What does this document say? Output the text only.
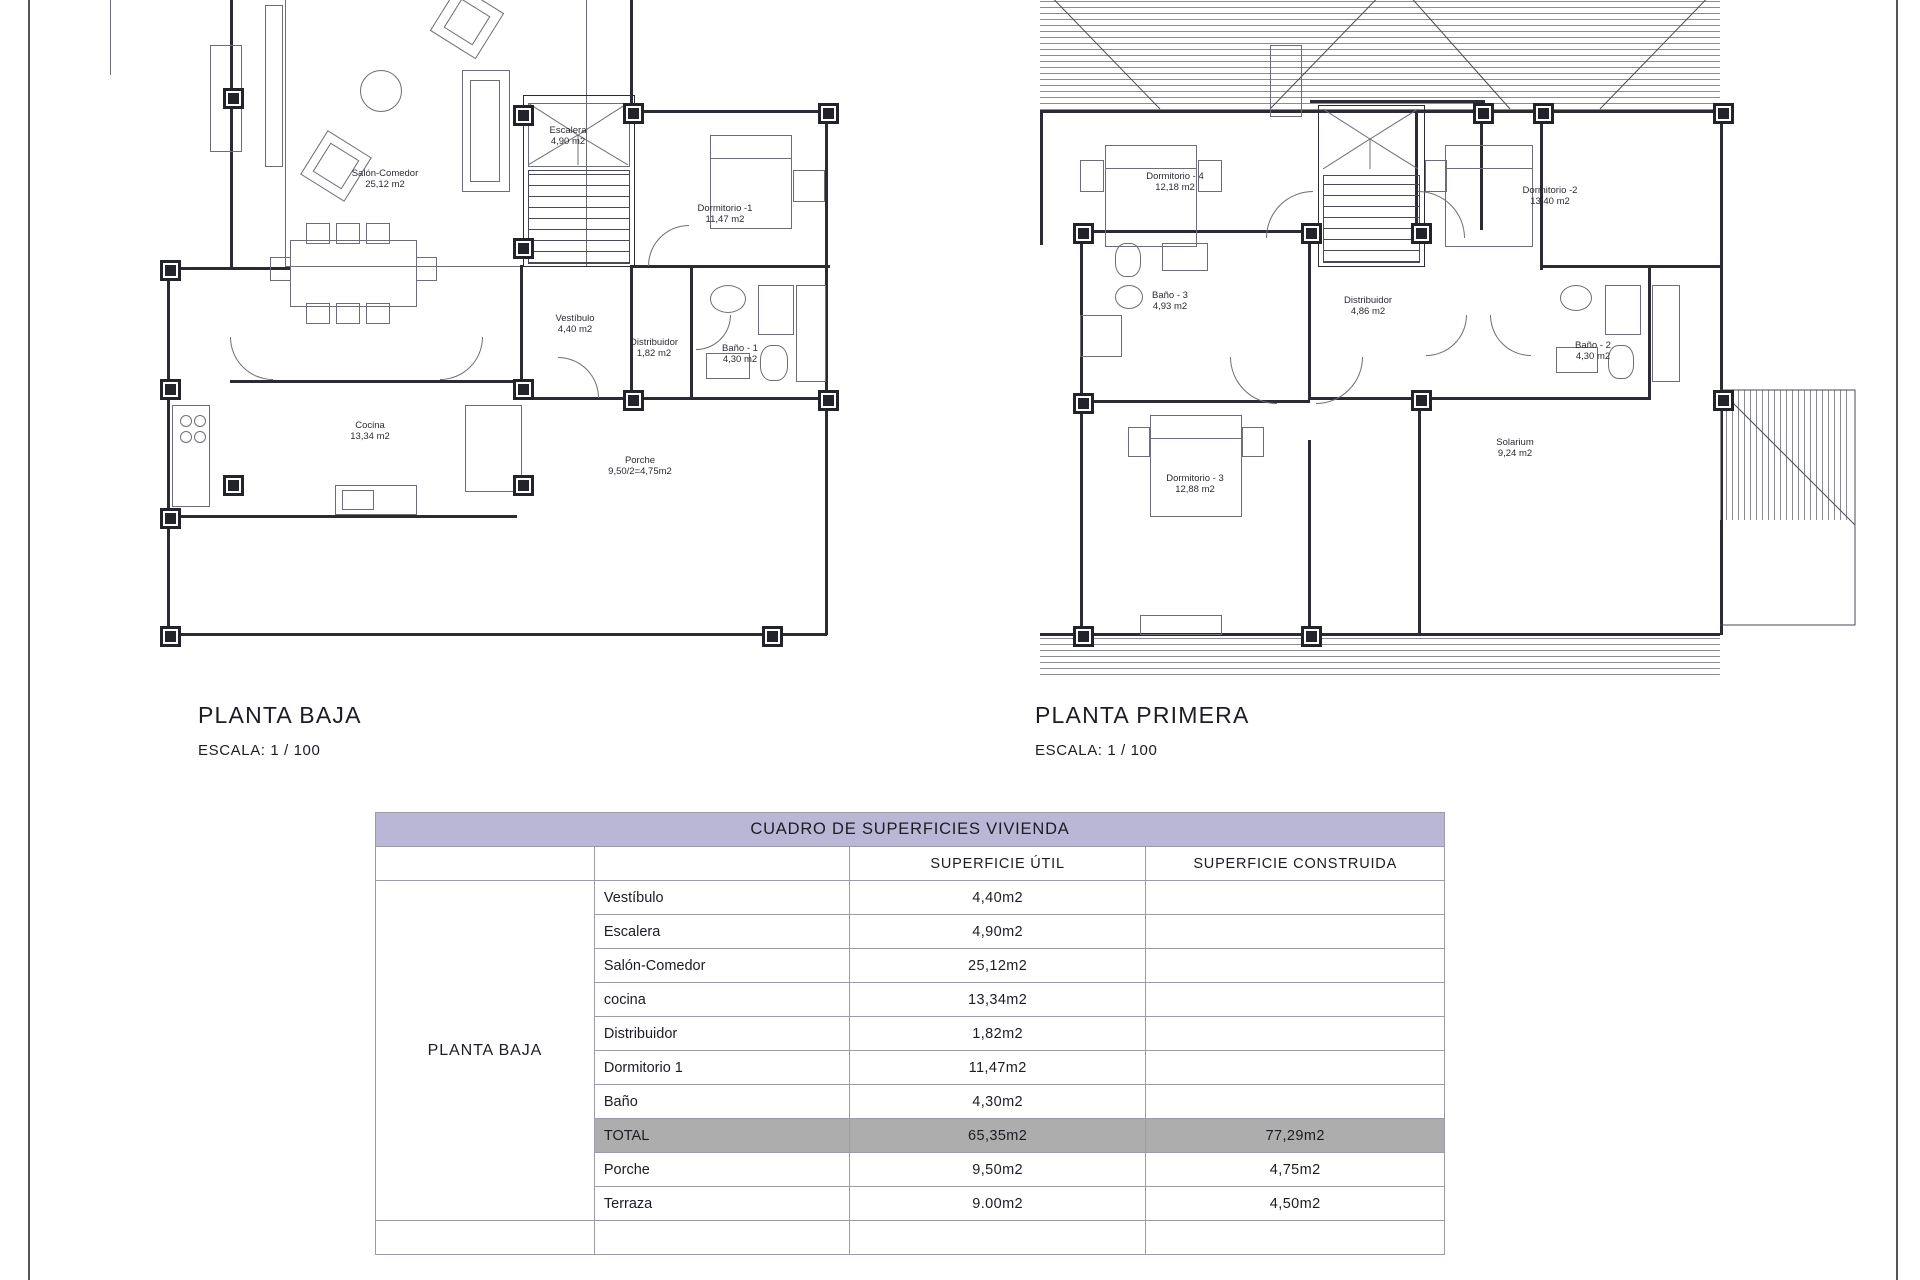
Salón-Comedor
25,12 m2
Escalera
4,90 m2
Dormitorio -1
11,47 m2
Vestíbulo
4,40 m2
Distribuidor
1,82 m2	Baño - 1
4,30 m2
Cocina
13,34 m2
Porche
9,50/2=4,75m2
PLANTA BAJA
ESCALA: 1 / 100
Dormitorio - 4
12,18 m2	Dormitorio -2
13,40 m2
Baño - 3
4,93 m2
Distribuidor
4,86 m2
Baño - 2
4,30 m2
Dormitorio - 3
12,88 m2
Solarium
9,24 m2
PLANTA PRIMERA
ESCALA: 1 / 100
CUADRO DE SUPERFICIES VIVIENDA			
		SUPERFICIE ÚTIL	SUPERFICIE CONSTRUIDA
PLANTA BAJA	Vestíbulo	4,40m2	
	Escalera	4,90m2	
	Salón-Comedor	25,12m2	
	cocina	13,34m2	
	Distribuidor	1,82m2	
	Dormitorio 1	11,47m2	
	Baño	4,30m2	
	TOTAL	65,35m2	77,29m2
	Porche	9,50m2	4,75m2
	Terraza	9.00m2	4,50m2
